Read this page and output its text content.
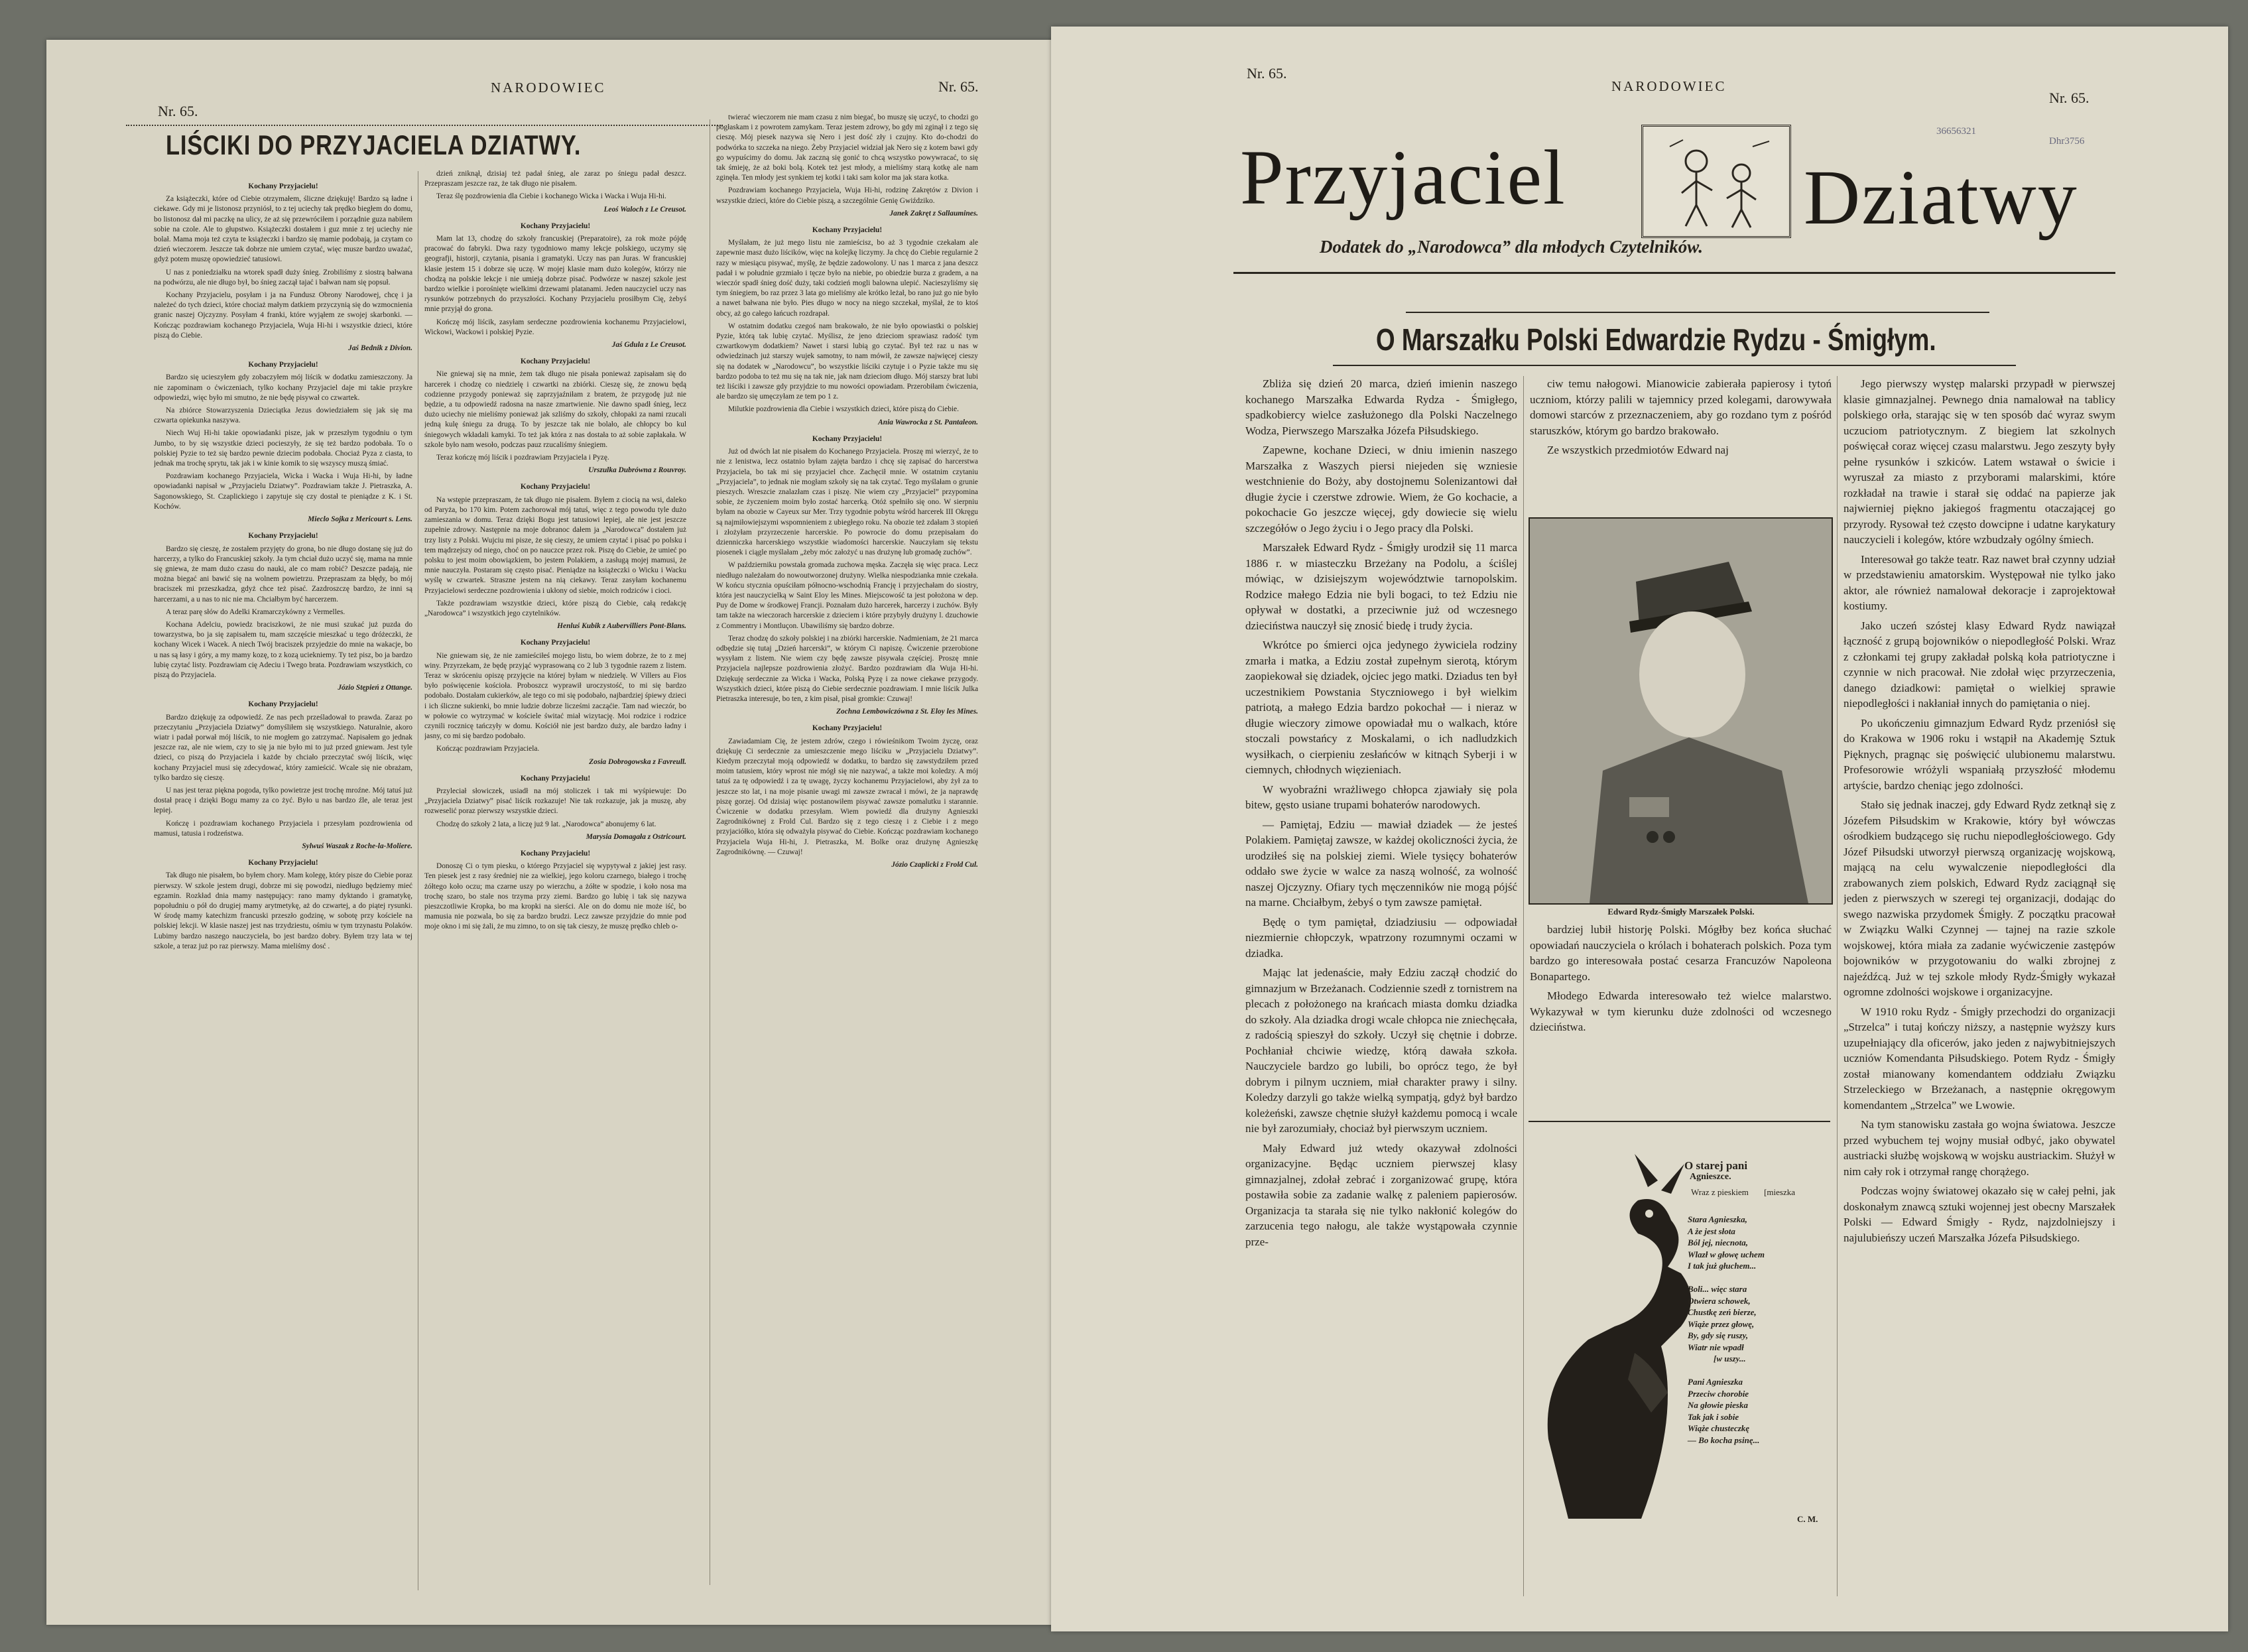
Nr. 65.
NARODOWIEC	Nr. 65.
LIŚCIKI DO PRZYJACIELA DZIATWY.

Kochany Przyjacielu!

Za książeczki, które od Ciebie otrzymałem, śliczne dziękuję! Bardzo są ładne i ciekawe. Gdy mi je listonosz przyniósł, to z tej uciechy tak prędko biegłem do domu, bo listonosz dał mi paczkę na ulicy, że aż się przewróciłem i porządnie guza nabiłem sobie na czole. Ale to głupstwo. Książeczki dostałem i guz mnie z tej uciechy nie bolał. Mama moja też czyta te książeczki i bardzo się mamie podobają, ja czytam co dzień wieczorem. Jeszcze tak dobrze nie umiem czytać, więc musze bardzo uważać, gdyż potem muszę opowiedzieć tatusiowi.

U nas z poniedziałku na wtorek spadł duży śnieg. Zrobiliśmy z siostrą bałwana na podwórzu, ale nie długo był, bo śnieg zaczął tajać i bałwan nam się popsuł.

Kochany Przyjacielu, posyłam i ja na Fundusz Obrony Narodowej, chcę i ja należeć do tych dzieci, które chociaż małym datkiem przyczynią się do wzmocnienia granic naszej Ojczyzny. Posyłam 4 franki, które wyjąłem ze swojej skarbonki. — Kończąc pozdrawiam kochanego Przyjaciela, Wuja Hi-hi i wszystkie dzieci, które piszą do Ciebie.

Jaś Bednik z Divion.

Kochany Przyjacielu!

Bardzo się ucieszyłem gdy zobaczyłem mój liścik w dodatku zamieszczony. Ja nie zapominam o ćwiczeniach, tylko kochany Przyjaciel daje mi takie przykre odpowiedzi, więc było mi smutno, że nie będę pisywał co czwartek.

Na zbiórce Stowarzyszenia Dzieciątka Jezus dowiedziałem się jak się ma czwarta opiekunka naszywa.

Niech Wuj Hi-hi takie opowiadanki pisze, jak w przeszłym tygodniu o tym Jumbo, to by się wszystkie dzieci pocieszyły, że się też bardzo podobała. To o polskiej Pyzie to też się bardzo pewnie dziecim podobała. Chociaż Pyza z ciasta, to jednak ma trochę sprytu, tak jak i w kinie komik to się wszyscy muszą śmiać.

Pozdrawiam kochanego Przyjaciela, Wicka i Wacka i Wuja Hi-hi, by ładne opowiadanki napisał w „Przyjacielu Dziatwy”. Pozdrawiam także J. Pietraszka, A. Sagonowskiego, St. Czaplickiego i zapytuje się czy dostał te pieniądze z K. i St. Kochów.

Mieclo Sojka z Mericourt s. Lens.

Kochany Przyjacielu!

Bardzo się cieszę, że zostałem przyjęty do grona, bo nie długo dostanę się już do harcerzy, a tylko do Francuskiej szkoły. Ja tym chciał dużo uczyć się, mama na mnie się gniewa, że mam dużo czasu do nauki, ale co mam robić? Deszcze padają, nie można biegać ani bawić się na wolnem powietrzu. Przepraszam za błędy, bo mój braciszek mi przeszkadza, gdyż chce też pisać. Zazdroszczę bardzo, że inni są harcerzami, a u nas to nic nie ma. Chciałbym być harcerzem.

A teraz parę słów do Adelki Kramarczykówny z Vermelles.

Kochana Adelciu, powiedz braciszkowi, że nie musi szukać już puzda do towarzystwa, bo ja się zapisałem tu, mam szczęście mieszkać u tego dróżeczki, że kochany Wicek i Wacek. A niech Twój braciszek przyjedzie do mnie na wakacje, bo u nas są łasy i góry, a my mamy kozę, to z kozą uciekniemy. Ty też pisz, bo ja bardzo lubię czytać listy. Pozdrawiam cię Adeciu i Twego brata. Pozdrawiam wszystkich, co piszą do Przyjaciela.

Józio Stępień z Ottange.

Kochany Przyjacielu!

Bardzo dziękuję za odpowiedź. Ze nas pech prześladował to prawda. Zaraz po przeczytaniu „Przyjaciela Dziatwy” domyśliłem się wszystkiego. Naturalnie, akoro wiatr i padał porwał mój liścik, to nie mogłem go zatrzymać. Napisałem go jednak jeszcze raz, ale nie wiem, czy to się ja nie było mi to już przed gniewam. Jest tyle dzieci, co piszą do Przyjaciela i każde by chciało przeczytać swój liścik, więc kochany Przyjaciel musi się zdecydować, który zamieścić. Wcale się nie obrażam, tylko bardzo się cieszę.

U nas jest teraz piękna pogoda, tylko powietrze jest trochę mroźne. Mój tatuś już dostał pracę i dzięki Bogu mamy za co żyć. Było u nas bardzo źle, ale teraz jest lepiej.

Kończę i pozdrawiam kochanego Przyjaciela i przesyłam pozdrowienia od mamusi, tatusia i rodzeństwa.

Sylwuś Waszak z Roche-la-Moliere.

Kochany Przyjacielu!

Tak długo nie pisałem, bo byłem chory. Mam kolegę, który pisze do Ciebie poraz pierwszy. W szkole jestem drugi, dobrze mi się powodzi, niedługo będziemy mieć egzamin. Rozkład dnia mamy następujący: rano mamy dyktando i gramatykę, popołudniu o pół do drugiej mamy arytmetykę, aż do czwartej, a do piątej rysunki. W środę mamy katechizm francuski przeszło godzinę, w sobotę przy kościele na polskiej lekcji. W klasie naszej jest nas trzydziestu, ośmiu w tym trzynastu Polaków. Lubimy bardzo naszego nauczyciela, bo jest bardzo dobry. Byłem trzy lata w tej szkole, a teraz już po raz pierwszy. Mama mieliśmy dosć .

dzień zniknął, dzisiaj też padał śnieg, ale zaraz po śniegu padał deszcz. Przepraszam jeszcze raz, że tak długo nie pisałem.

Teraz ślę pozdrowienia dla Ciebie i kochanego Wicka i Wacka i Wuja Hi-hi.

Leoś Waloch z Le Creusot.

Kochany Przyjacielu!

Mam lat 13, chodzę do szkoły francuskiej (Preparatoire), za rok może pójdę pracować do fabryki. Dwa razy tygodniowo mamy lekcje polskiego, uczymy się geografji, historji, czytania, pisania i gramatyki. Uczy nas pan Juras. W francuskiej klasie jestem 15 i dobrze się uczę. W mojej klasie mam dużo kolegów, którzy nie chodzą na polskie lekcje i nie umieją dobrze pisać. Podwórze w naszej szkole jest bardzo wielkie i porośnięte wielkimi drzewami platanami. Jeden nauczyciel uczy nas rysunków potrzebnych do przyszłości. Kochany Przyjacielu prosiłbym Cię, żebyś mnie przyjął do grona.

Kończę mój liścik, zasyłam serdeczne pozdrowienia kochanemu Przyjacielowi, Wickowi, Wackowi i polskiej Pyzie.

Jaś Gdula z Le Creusot.

Kochany Przyjacielu!

Nie gniewaj się na mnie, żem tak długo nie pisała ponieważ zapisałam się do harcerek i chodzę co niedzielę i czwartki na zbiórki. Cieszę się, że znowu będą codzienne przygody ponieważ się zaprzyjaźniłam z bratem, że przygodę już nie będzie, a tu odpowiedź radosna na nasze zmartwienie. Nie dawno spadł śnieg, lecz dużo uciechy nie mieliśmy ponieważ jak szliśmy do szkoły, chłopaki za nami rzucali jedną kulę śniegu za drugą. To by jeszcze tak nie bolało, ale chłopcy bo kul śniegowych wkładali kamyki. To też jak która z nas dostała to aż sobie zapłakała. W szkole było nam wesoło, podczas pauz rzucaliśmy śniegiem.

Teraz kończę mój liścik i pozdrawiam Przyjaciela i Pyzę.

Urszulka Dubrówna z Rouvroy.

Kochany Przyjacielu!

Na wstępie przepraszam, że tak długo nie pisałem. Byłem z ciocią na wsi, daleko od Paryża, bo 170 kim. Potem zachorował mój tatuś, więc z tego powodu tyle dużo zamieszania w domu. Teraz dzięki Bogu jest tatusiowi lepiej, ale nie jest jeszcze zupełnie zdrowy. Następnie na moje dobranoc dałem ja „Narodowca” dostałem już trzy listy z Polski. Wujciu mi pisze, że się cieszy, że umiem czytać i pisać po polsku i tem mądrzejszy od niego, choć on po nauczce przez rok. Piszę do Ciebie, że umieć po polsku to jest moim obowiązkiem, bo jestem Polakiem, a zasługą mojej mamusi, że mnie nauczyła. Postaram się często pisać. Pieniądze na książeczki o Wicku i Wacku wyślę w czwartek. Straszne jestem na nią ciekawy. Teraz zasyłam kochanemu Przyjacielowi serdeczne pozdrowienia i ukłony od siebie, moich rodziców i cioci.

Także pozdrawiam wszystkie dzieci, które piszą do Ciebie, całą redakcję „Narodowca” i wszystkich jego czytelników.

Henluś Kubik z Aubervilliers Pont-Blans.

Kochany Przyjacielu!

Nie gniewam się, że nie zamieściłeś mojego listu, bo wiem dobrze, że to z mej winy. Przyrzekam, że będę przyjąć wyprasowaną co 2 lub 3 tygodnie razem z listem. Teraz w skróceniu opiszę przyjęcie na której byłam w niedzielę. W Villers au Fios było poświęcenie kościoła. Proboszcz wyprawił uroczystość, to mi się bardzo podobało. Dostałam cukierków, ale tego co mi się podobało, najbardziej śpiewy dzieci i ich śliczne sukienki, bo mnie ludzie dobrze licześmi zacząćie. Tam nad wieczór, bo w połowie co wytrzymać w kościele świtać miał wizytację. Moi rodzice i rodzice czynili rocznicę tańczyły w domu. Kościół nie jest bardzo duży, ale bardzo ładny i jasny, co mi się bardzo podobało.

Kończąc pozdrawiam Przyjaciela.

Zosia Dobrogowska z Favreull.

Kochany Przyjacielu!

Przyleciał słowiczek, usiadł na mój stoliczek i tak mi wyśpiewuje: Do „Przyjaciela Dziatwy” pisać liścik rozkazuje! Nie tak rozkazuje, jak ja muszę, aby rozweselić poraz pierwszy wszystkie dzieci.

Chodzę do szkoły 2 lata, a liczę już 9 lat. „Narodowca” abonujemy 6 lat.

Marysia Domagała z Ostricourt.

Kochany Przyjacielu!

Donoszę Ci o tym piesku, o którego Przyjaciel się wypytywał z jakiej jest rasy. Ten piesek jest z rasy średniej nie za wielkiej, jego koloru czarnego, białego i trochę żółtego koło oczu; ma czarne uszy po wierzchu, a żółte w spodzie, i koło nosa ma trochę szaro, bo stale nos trzyma przy ziemi. Bardzo go lubię i tak się nazywa pieszczotliwie Kropka, bo ma kropki na sierści. Ale on do domu nie może iść, bo mamusia nie pozwala, bo się za bardzo brudzi. Lecz zawsze przyjdzie do mnie pod moje okno i mi się żali, że mu zimno, to on się tak cieszy, że muszę prędko chleb o-

twierać wieczorem nie mam czasu z nim biegać, bo muszę się uczyć, to chodzi go pogłaskam i z powrotem zamykam. Teraz jestem zdrowy, bo gdy mi zginął i z tego się cieszę. Mój piesek nazywa się Nero i jest dość zły i czujny. Kto do-chodzi do podwórka to szczeka na niego. Żeby Przyjaciel widział jak Nero się z kotem bawi gdy go wypuścimy do domu. Jak zaczną się gonić to chcą wszystko powywracać, to się tak śmieję, że aż boki bolą. Kotek też jest młody, a mieliśmy starą kotkę ale nam zginęła. Ten młody jest synkiem tej kotki i taki sam kolor ma jak stara kotka.

Pozdrawiam kochanego Przyjaciela, Wuja Hi-hi, rodzinę Zakrętów z Divion i wszystkie dzieci, które do Ciebie piszą, a szczególnie Genię Gwiździko.

Janek Zakręt z Sallaumines.

Kochany Przyjacielu!

Myślałam, że już mego listu nie zamieścisz, bo aż 3 tygodnie czekałam ale zapewnie masz dużo liścików, więc na kolejkę liczymy. Ja chcę do Ciebie regularnie 2 razy w miesiącu pisywać, myślę, że będzie zadowolony. U nas 1 marca z jana deszcz padał i w południe grzmiało i tęcze było na niebie, po obiedzie burza z gradem, a na wieczór spadł śnieg dość duży, taki codzień mogli balowna ulepić. Nacieszyliśmy się tym śniegiem, bo raz przez 3 lata go mieliśmy ale krótko leżał, bo rano już go nie było a nawet bałwana nie było. Pies długo w nocy na niego szczekał, myślał, że to ktoś obcy, aż go całego łańcuch rozdrapał.

W ostatnim dodatku czegoś nam brakowało, że nie było opowiastki o polskiej Pyzie, którą tak lubię czytać. Myślisz, że jeno dzieciom sprawiasz radość tym czwartkowym dodatkiem? Nawet i starsi lubią go czytać. Był też raz u nas w odwiedzinach już starszy wujek samotny, to nam mówił, że zawsze najwięcej cieszy się na dodatek w „Narodowcu”, bo wszystkie liściki czytuje i o Pyzie także mu się bardzo podoba to też mu się na tak nie, jak nam dzieciom długo. Mój starszy brat lubi też liściki i zawsze gdy przyjdzie to mu nowości opowiadam. Przerobiłam ćwiczenia, ale bardzo się umęczyłam ze tem po 1 z.

Milutkie pozdrowienia dla Ciebie i wszystkich dzieci, które piszą do Ciebie.

Ania Wawrocka z St. Pantaleon.

Kochany Przyjacielu!

Już od dwóch lat nie pisałem do Kochanego Przyjaciela. Proszę mi wierzyć, że to nie z lenistwa, lecz ostatnio byłam zajęta bardzo i chcę się zapisać do harcerstwa Przyjaciela, bo tak mi się przyjaciel chce. Zachęcił mnie. W ostatnim czytaniu „Przyjaciela”, to jednak nie mogłam szkoły się na tak czytać. Tego myślałam o grunie pieszych. Wreszcie znalazłam czas i piszę. Nie wiem czy „Przyjaciel” przypomina sobie, że życzeniem moim było zostać harcerką. Otóż spełniło się ono. W sierpniu byłam na obozie w Cayeux sur Mer. Trzy tygodnie pobytu wśród harcerek III Okręgu są najmiłowiejszymi wspomnieniem z ubiegłego roku. Na obozie też zdałam 3 stopień i złożyłam przyrzeczenie harcerskie. Po powrocie do domu przepisałam do dzienniczka harcerskiego wszystkie wiadomości harcerskie. Nauczyłam się tekstu piosenek i ciągle myślałam „żeby móc założyć u nas drużynę lub gromadę zuchów”.

W październiku powstała gromada zuchowa męska. Zaczęła się więc praca. Lecz niedługo należałam do nowoutworzonej drużyny. Wielka niespodzianka mnie czekała. W końcu stycznia opuściłam północno-wschodnią Francję i przyjechałam do siostry, która jest nauczycielką w Saint Eloy les Mines. Miejscowość ta jest położona w dep. Puy de Dome w środkowej Francji. Poznałam dużo harcerek, harcerzy i zuchów. Były tam także na wieczorach harcerskie z dzieciem i które przybyły drużyny l. dzuchowie z Commentry i Montluçon. Ubawiliśmy się bardzo dobrze.

Teraz chodzę do szkoły polskiej i na zbiórki harcerskie. Nadmieniam, że 21 marca odbędzie się tutaj „Dzień harcerski”, w którym Ci napiszę. Ćwiczenie przerobione wysyłam z listem. Nie wiem czy będę zawsze pisywała częściej. Proszę mnie Przyjaciela najlepsze pozdrowienia złożyć. Bardzo pozdrawiam dla Wuja Hi-hi. Dziękuję serdecznie za Wicka i Wacka, Polską Pyzę i za nowe ciekawe przygody. Wszystkich dzieci, które piszą do Ciebie serdecznie pozdrawiam. I mnie liścik Julka Pietraszka interesuje, bo ten, z kim pisał, pisał gromkie: Czuwaj!

Zochna Lembowiczówna z St. Eloy les Mines.

Kochany Przyjacielu!

Zawiadamiam Cię, że jestem zdrów, czego i rówieśnikom Twoim życzę, oraz dziękuję Ci serdecznie za umieszczenie mego liściku w „Przyjacielu Dziatwy”. Kiedym przeczytał moją odpowiedź w dodatku, to bardzo się zawstydziłem przed moim tatusiem, który wprost nie mógł się nie nazywać, a także moi koledzy. A mój tatuś za tę odpowiedź i za tę uwagę, życzy kochanemu Przyjacielowi, aby żył za to jeszcze sto lat, i na moje pisanie uwagi mi zawsze zwracał i mówi, że ja naprawdę piszę gorzej. Od dzisiaj więc postanowiłem pisywać zawsze pomalutku i starannie. Ćwiczenie w dodatku przesyłam. Wiem powiedź dla drużyny Agnieszki Zagrodnikównej z Frold Cul. Bardzo się z tego cieszę i z Ciebie i z mego przyjaciółko, która się odważyła pisywać do Ciebie. Kończąc pozdrawiam kochanego Przyjaciela Wuja Hi-hi, J. Pietraszka, M. Bolke oraz drużynę Agnieszkę Zagrodnikównę. — Czuwaj!

Józio Czaplicki z Frold Cul.

Nr. 65.
NARODOWIEC
Nr. 65.
36656321
Dhr3756
Przyjaciel	Dziatwy
Dodatek do „Narodowca” dla młodych Czytelników.
O Marszałku Polski Edwardzie Rydzu - Śmigłym.

Zbliża się dzień 20 marca, dzień imienin naszego kochanego Marszałka Edwarda Rydza - Śmigłego, spadkobiercy wielce zasłużonego dla Polski Naczelnego Wodza, Pierwszego Marszałka Józefa Piłsudskiego.

Zapewne, kochane Dzieci, w dniu imienin naszego Marszałka z Waszych piersi niejeden się wzniesie westchnienie do Boży, aby dostojnemu Solenizantowi dał długie życie i czerstwe zdrowie. Wiem, że Go kochacie, a pokochacie Go jeszcze więcej, gdy dowiecie się wielu szczegółów o Jego życiu i o Jego pracy dla Polski.

Marszałek Edward Rydz - Śmigły urodził się 11 marca 1886 r. w miasteczku Brzeżany na Podolu, a ściślej mówiąc, w dzisiejszym województwie tarnopolskim. Rodzice małego Edzia nie byli bogaci, to też Edziu nie opływał w dostatki, a przeciwnie już od wczesnego dzieciństwa nauczył się znosić biedę i trudy życia.

Wkrótce po śmierci ojca jedynego żywiciela rodziny zmarła i matka, a Edziu został zupełnym sierotą, którym zaopiekował się dziadek, ojciec jego matki. Dziadus ten był uczestnikiem Powstania Styczniowego i był wielkim patriotą, a małego Edzia bardzo pokochał — i nieraz w długie wieczory zimowe opowiadał mu o walkach, które stoczali powstańcy z Moskalami, o ich nadludzkich wysiłkach, o cierpieniu zesłańców w kitnąch Syberji i w ciemnych, chłodnych więzieniach.

W wyobraźni wrażliwego chłopca zjawiały się pola bitew, gęsto usiane trupami bohaterów narodowych.

— Pamiętaj, Edziu — mawiał dziadek — że jesteś Polakiem. Pamiętaj zawsze, w każdej okoliczności życia, że urodziłeś się na polskiej ziemi. Wiele tysięcy bohaterów oddało swe życie w walce za naszą wolność, za wolność naszej Ojczyzny. Ofiary tych męczenników nie mogą pójść na marne. Chciałbym, żebyś o tym zawsze pamiętał.

Będę o tym pamiętał, dziadziusiu — odpowiadał niezmiernie chłopczyk, wpatrzony rozumnymi oczami w dziadka.

Mając lat jedenaście, mały Edziu zaczął chodzić do gimnazjum w Brzeżanach. Codziennie szedł z tornistrem na plecach z położonego na krańcach miasta domku dziadka do szkoły. Ala dziadka drogi wcale chłopca nie zniechęcała, z radością spieszył do szkoły. Uczył się chętnie i dobrze. Pochłaniał chciwie wiedzę, którą dawała szkoła. Nauczyciele bardzo go lubili, bo oprócz tego, że był dobrym i pilnym uczniem, miał charakter prawy i silny. Koledzy darzyli go także wielką sympatją, gdyż był bardzo koleżeński, zawsze chętnie służył każdemu pomocą i wcale nie był zarozumiały, chociaż był pierwszym uczniem.

Mały Edward już wtedy okazywał zdolności organizacyjne. Będąc uczniem pierwszej klasy gimnazjalnej, zdołał zebrać i zorganizować grupę, która postawiła sobie za zadanie walkę z paleniem papierosów. Organizacja ta starała się nie tylko nakłonić kolegów do zarzucenia tego nałogu, ale także wystąpowała czynnie prze-

ciw temu nałogowi. Mianowicie zabierała papierosy i tytoń uczniom, którzy palili w tajemnicy przed kolegami, darowywała domowi starców z przeznaczeniem, aby go rozdano tym z pośród staruszków, którym go bardzo brakowało.

Ze wszystkich przedmiotów Edward naj

Edward Rydz-Śmigły Marszałek Polski.

bardziej lubił historję Polski. Mógłby bez końca słuchać opowiadań nauczyciela o królach i bohaterach polskich. Poza tym bardzo go interesowała postać cesarza Francuzów Napoleona Bonapartego.

Młodego Edwarda interesowało też wielce malarstwo. Wykazywał w tym kierunku duże zdolności od wczesnego dzieciństwa.

O starej pani
Agnieszce.
Wraz z pieskiem [mieszka
Stara Agnieszka,
A że jest słota
Ból jej, niecnota,
Wlazł w głowę uchem
I tak już głuchem...

Boli... więc stara
Otwiera schowek,
Chustkę zeń bierze,
Wiąże przez głowę,
By, gdy się ruszy,
Wiatr nie wpadł
[w uszy...

Pani Agnieszka
Przeciw chorobie
Na głowie pieska
Tak jak i sobie
Wiąże chusteczkę
— Bo kocha psinę...
C. M.

Jego pierwszy występ malarski przypadł w pierwszej klasie gimnazjalnej. Pewnego dnia namalował na tablicy polskiego orła, starając się w ten sposób dać wyraz swym uczuciom patriotycznym. Z biegiem lat szkolnych poświęcał coraz więcej czasu malarstwu. Jego zeszyty były pełne rysunków i szkiców. Latem wstawał o świcie i wyruszał za miasto z przyborami malarskimi, które rozkładał na trawie i starał się oddać na papierze jak najwierniej piękno jakiegoś fragmentu otaczającej go przyrody. Rysował też często dowcipne i udatne karykatury nauczycieli i kolegów, które wzbudzały ogólny śmiech.

Interesował go także teatr. Raz nawet brał czynny udział w przedstawieniu amatorskim. Występował nie tylko jako aktor, ale również namalował dekoracje i zaprojektował kostiumy.

Jako uczeń szóstej klasy Edward Rydz nawiązał łączność z grupą bojowników o niepodległość Polski. Wraz z członkami tej grupy zakładał polską koła patriotyczne i czynnie w nich pracował. Nie zdołał więc przyrzeczenia, danego dziadkowi: pamiętał o wielkiej sprawie niepodległości i nakłaniał innych do pamiętania o niej.

Po ukończeniu gimnazjum Edward Rydz przeniósł się do Krakowa w 1906 roku i wstąpił na Akademję Sztuk Pięknych, pragnąc się poświęcić ulubionemu malarstwu. Profesorowie wróżyli wspaniałą przyszłość młodemu artyście, bardzo cheniąc jego zdolności.

Stało się jednak inaczej, gdy Edward Rydz zetknął się z Józefem Piłsudskim w Krakowie, który był wówczas ośrodkiem budzącego się ruchu niepodległościowego. Gdy Józef Piłsudski utworzył pierwszą organizację wojskową, mającą na celu wywalczenie niepodległości dla zrabowanych ziem polskich, Edward Rydz zaciągnął się jeden z pierwszych w szeregi tej organizacji, dodając do swego nazwiska przydomek Śmigły. Z początku pracował w Związku Walki Czynnej — tajnej na razie szkole wojskowej, która miała za zadanie wyćwiczenie zastępów bojowników w przygotowaniu do walki zbrojnej z najeźdźcą. Już w tej szkole młody Rydz-Śmigły wykazał ogromne zdolności wojskowe i organizacyjne.

W 1910 roku Rydz - Śmigły przechodzi do organizacji „Strzelca” i tutaj kończy niższy, a następnie wyższy kurs uzupełniający dla oficerów, jako jeden z najwybitniejszych uczniów Komendanta Piłsudskiego. Potem Rydz - Śmigły został mianowany komendantem oddziału Związku Strzeleckiego w Brzeżanach, a następnie okręgowym komendantem „Strzelca” we Lwowie.

Na tym stanowisku zastała go wojna światowa. Jeszcze przed wybuchem tej wojny musiał odbyć, jako obywatel austriacki służbę wojskową w wojsku austriackim. Służył w nim cały rok i otrzymał rangę chorążego.

Podczas wojny światowej okazało się w całej pełni, jak doskonałym znawcą sztuki wojennej jest obecny Marszałek Polski — Edward Śmigły - Rydz, najzdolniejszy i najulubieńszy uczeń Marszałka Józefa Piłsudskiego.
